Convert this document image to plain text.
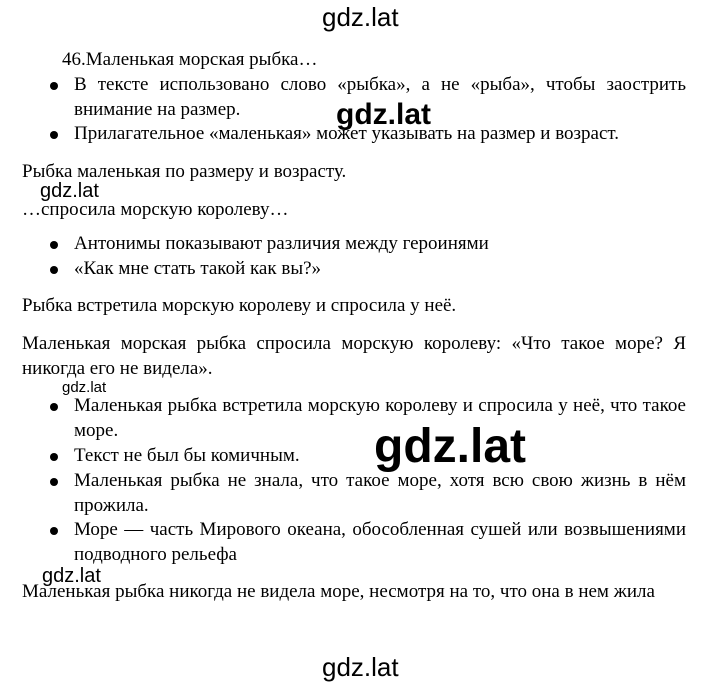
gdz.lat
gdz.lat
gdz.lat
gdz.lat
gdz.lat
gdz.lat
gdz.lat
46.Маленькая морская рыбка…
В тексте использовано слово «рыбка», а не «рыба», чтобы заострить внимание на размер.
Прилагательное «маленькая» может указывать на размер и возраст.
Рыбка маленькая по размеру и возрасту.
…спросила морскую королеву…
Антонимы показывают различия между героинями
«Как мне стать такой как вы?»
Рыбка встретила морскую королеву и спросила у неё.
Маленькая морская рыбка спросила морскую королеву: «Что такое море? Я никогда его не видела».
Маленькая рыбка встретила морскую королеву и спросила у неё, что такое море.
Текст не был бы комичным.
Маленькая рыбка не знала, что такое море, хотя всю свою жизнь в нём прожила.
Море — часть Мирового океана, обособленная сушей или возвышениями подводного рельефа
Маленькая рыбка никогда не видела море, несмотря на то, что она в нем жила
